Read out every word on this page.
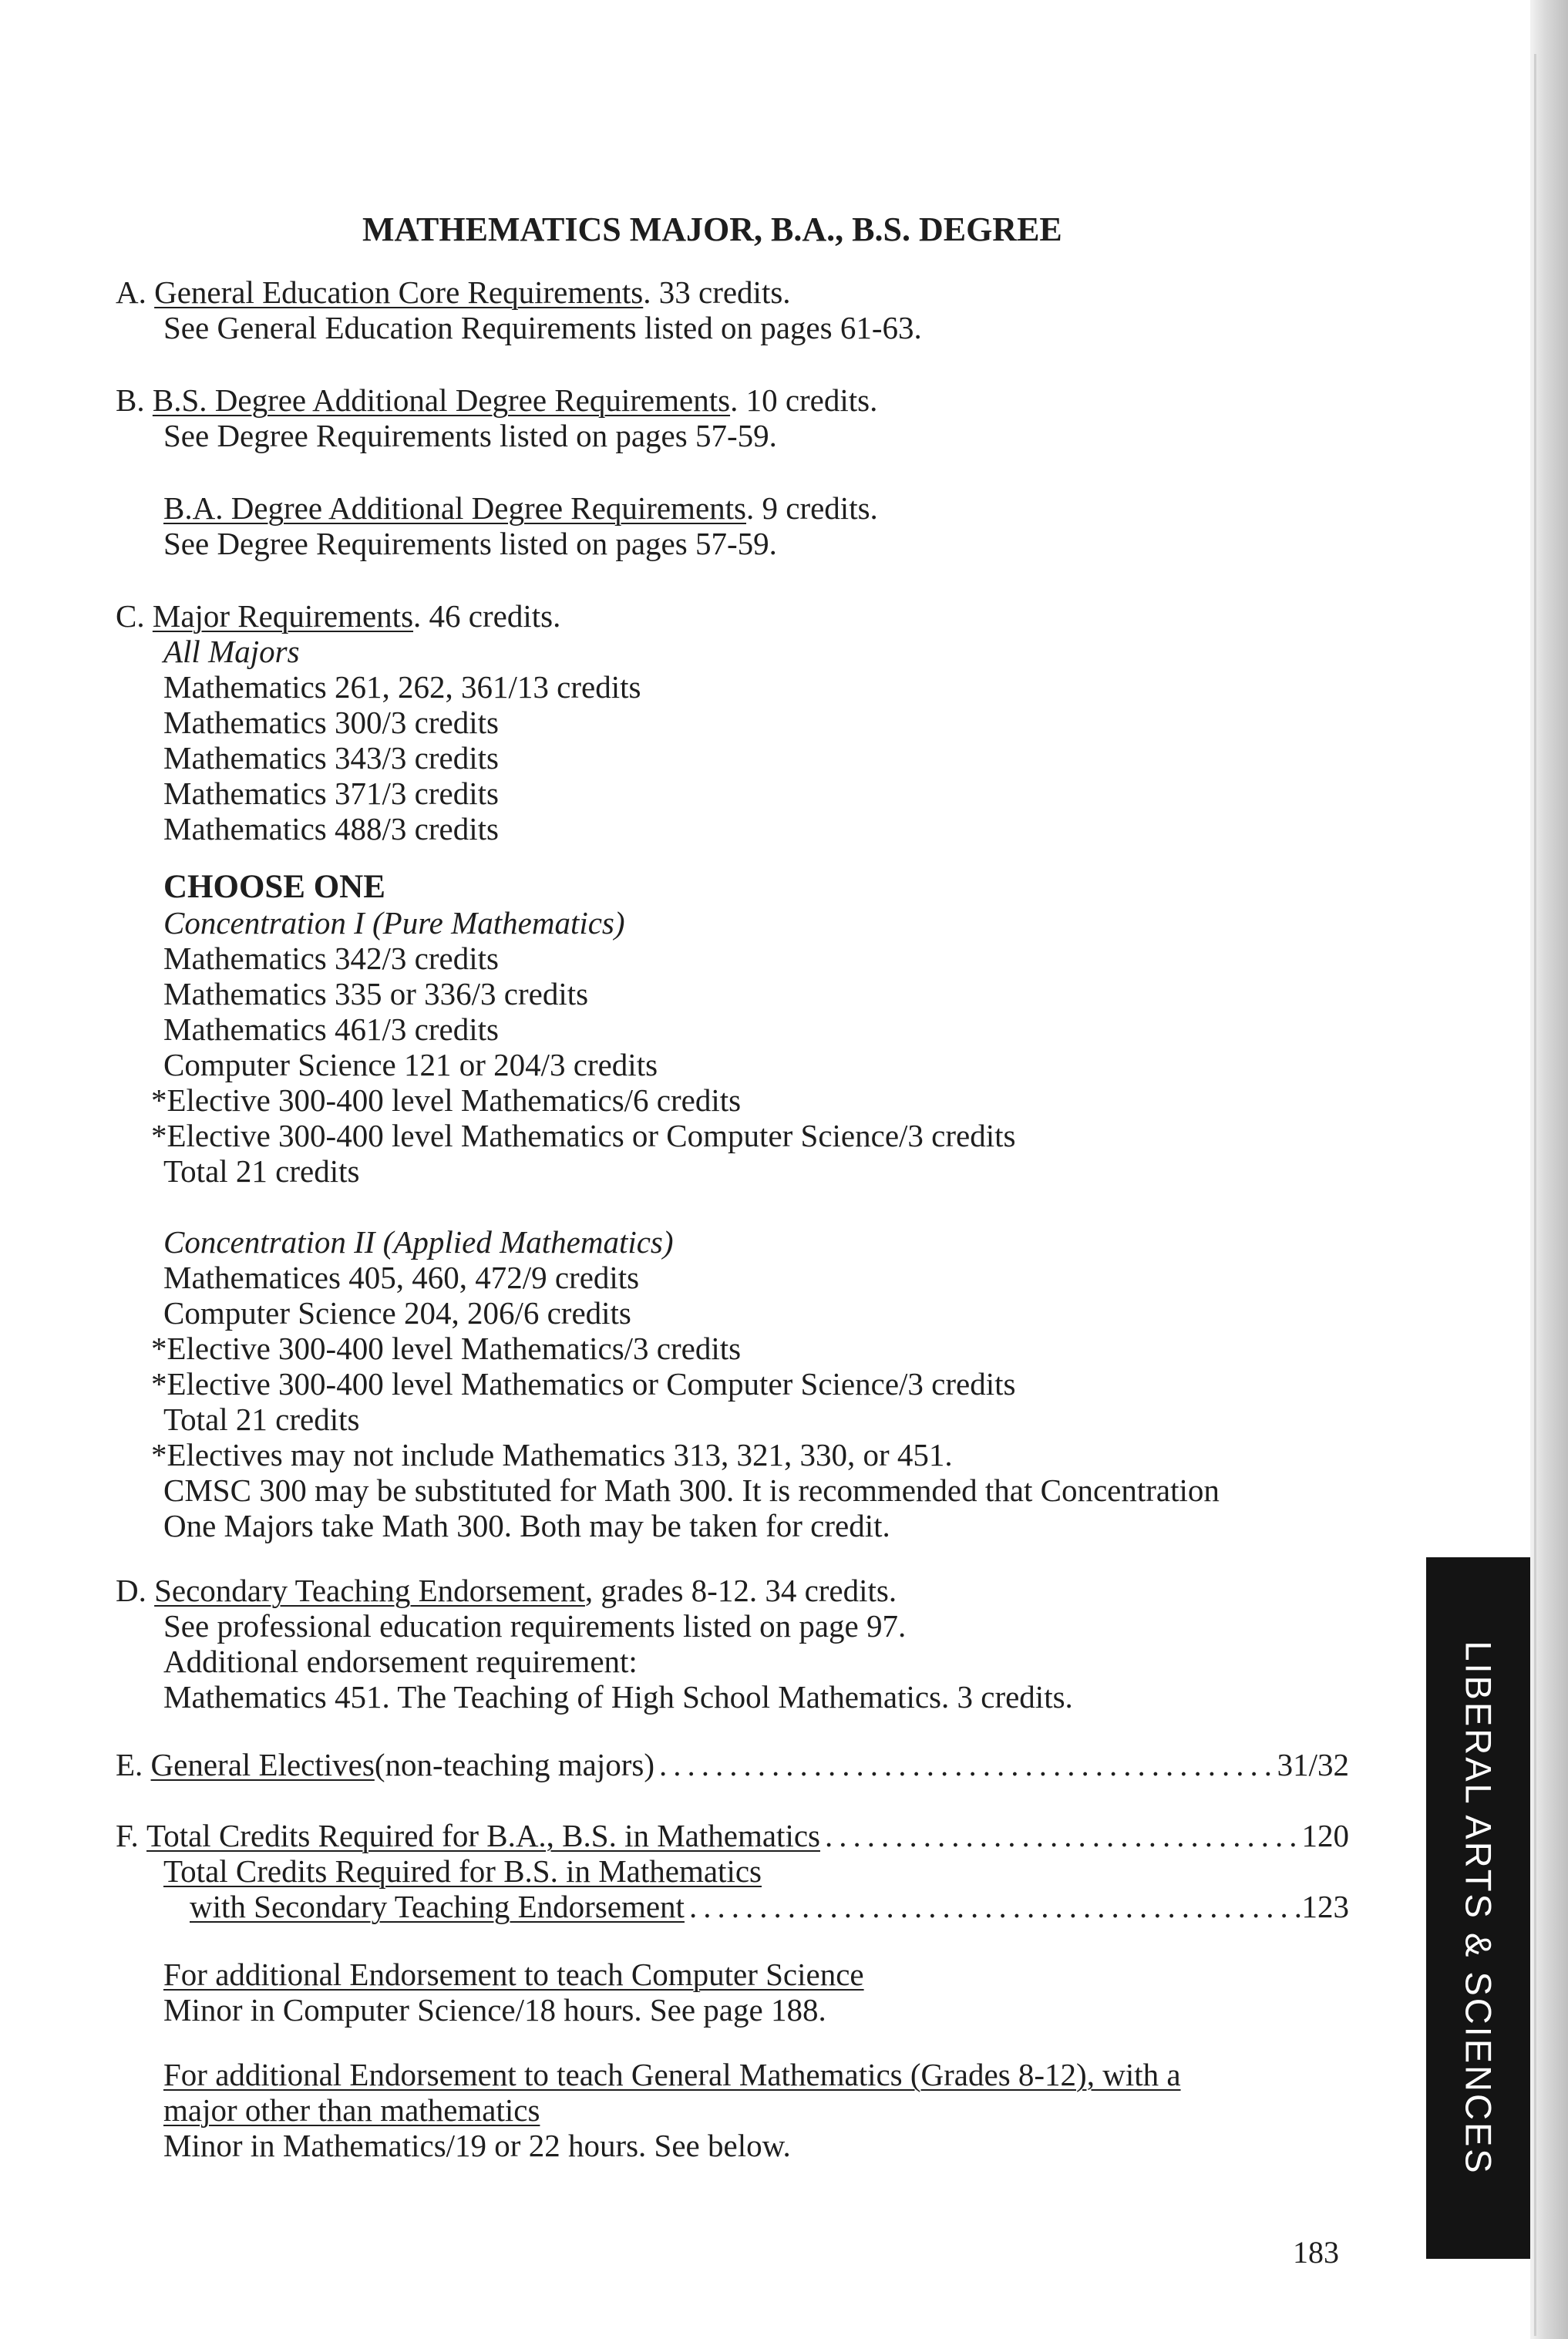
MATHEMATICS MAJOR, B.A., B.S. DEGREE
A. General Education Core Requirements. 33 credits.
See General Education Requirements listed on pages 61-63.
B. B.S. Degree Additional Degree Requirements. 10 credits.
See Degree Requirements listed on pages 57-59.
B.A. Degree Additional Degree Requirements. 9 credits.
See Degree Requirements listed on pages 57-59.
C. Major Requirements. 46 credits.
All Majors
Mathematics 261, 262, 361/13 credits
Mathematics 300/3 credits
Mathematics 343/3 credits
Mathematics 371/3 credits
Mathematics 488/3 credits
CHOOSE ONE
Concentration I (Pure Mathematics)
Mathematics 342/3 credits
Mathematics 335 or 336/3 credits
Mathematics 461/3 credits
Computer Science 121 or 204/3 credits
*Elective 300-400 level Mathematics/6 credits
*Elective 300-400 level Mathematics or Computer Science/3 credits
Total 21 credits
Concentration II (Applied Mathematics)
Mathematices 405, 460, 472/9 credits
Computer Science 204, 206/6 credits
*Elective 300-400 level Mathematics/3 credits
*Elective 300-400 level Mathematics or Computer Science/3 credits
Total 21 credits
*Electives may not include Mathematics 313, 321, 330, or 451.
CMSC 300 may be substituted for Math 300. It is recommended that Concentration
One Majors take Math 300. Both may be taken for credit.
D. Secondary Teaching Endorsement, grades 8-12. 34 credits.
See professional education requirements listed on page 97.
Additional endorsement requirement:
Mathematics 451. The Teaching of High School Mathematics. 3 credits.
E.
General Electives (non-teaching majors) .....	31/32
F.
Total Credits Required for B.A., B.S. in Mathematics .....	120
Total Credits Required for B.S. in Mathematics
with Secondary Teaching Endorsement .....	123
For additional Endorsement to teach Computer Science
Minor in Computer Science/18 hours. See page 188.
For additional Endorsement to teach General Mathematics (Grades 8-12), with a
major other than mathematics
Minor in Mathematics/19 or 22 hours. See below.	LIBERAL ARTS & SCIENCES
183
